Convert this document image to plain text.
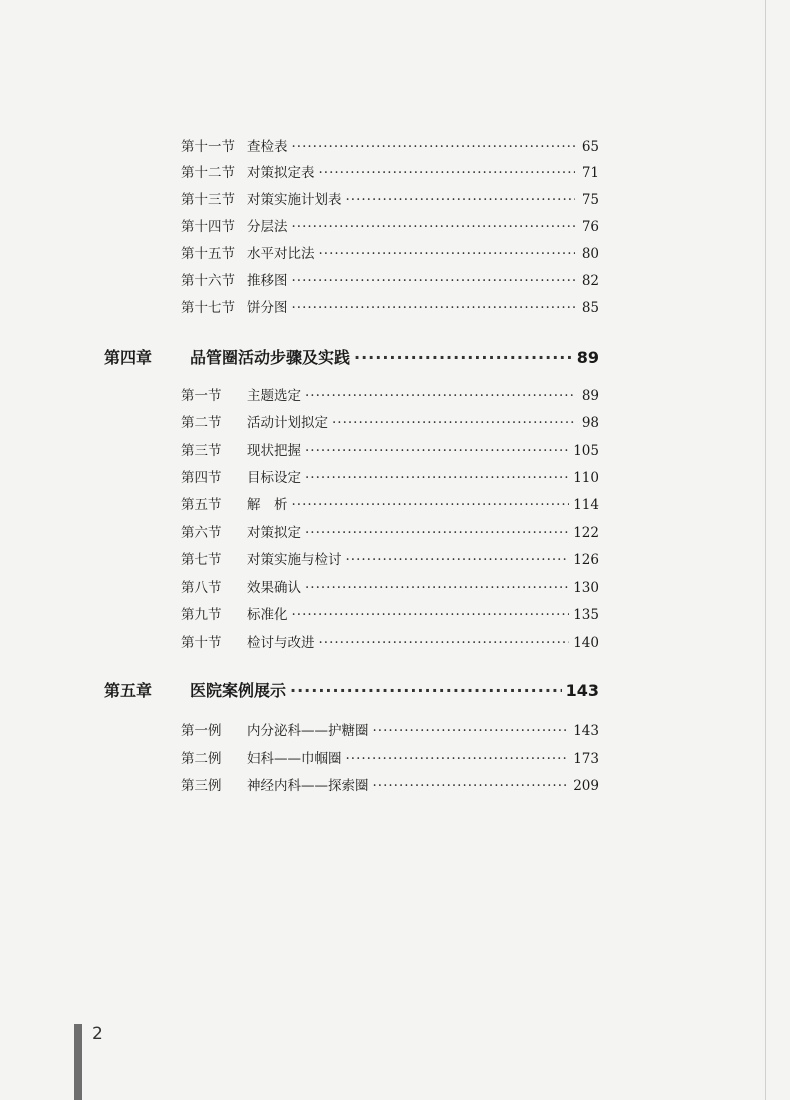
第十一节 查检表 ·····	65
第十二节 对策拟定表 ·····	71
第十三节 对策实施计划表 ·····	75
第十四节 分层法 ·····	76
第十五节 水平对比法 ·····	80
第十六节 推移图 ·····	82
第十七节 饼分图 ·····	85
第四章	品管圈活动步骤及实践 ·····	89
第一节	主题选定 ·····	89
第二节	活动计划拟定 ·····	98
第三节	现状把握 ·····	105
第四节	目标设定 ·····	110
第五节	解　析 ·····	114
第六节	对策拟定 ·····	122
第七节	对策实施与检讨 ·····	126
第八节	效果确认 ·····	130
第九节	标准化 ·····	135
第十节	检讨与改进 ·····	140
第五章	医院案例展示 ·····	143
第一例	内分泌科——护糖圈 ·····	143
第二例	妇科——巾帼圈 ·····	173
第三例	神经内科——探索圈 ·····	209
2
